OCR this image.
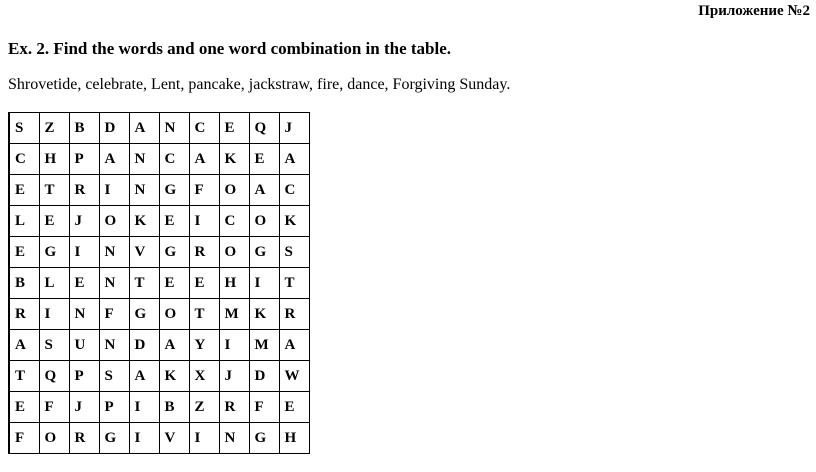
Приложение №2
Ex. 2. Find the words and one word combination in the table.
Shrovetide, celebrate, Lent, pancake, jackstraw, fire, dance, Forgiving Sunday.
S	Z	B	D	A	N	C	E	Q	J
C	H	P	A	N	C	A	K	E	A
E	T	R	I	N	G	F	O	A	C
L	E	J	O	K	E	I	C	O	K
E	G	I	N	V	G	R	O	G	S
B	L	E	N	T	E	E	H	I	T
R	I	N	F	G	O	T	M	K	R
A	S	U	N	D	A	Y	I	M	A
T	Q	P	S	A	K	X	J	D	W
E	F	J	P	I	B	Z	R	F	E
F	O	R	G	I	V	I	N	G	H
